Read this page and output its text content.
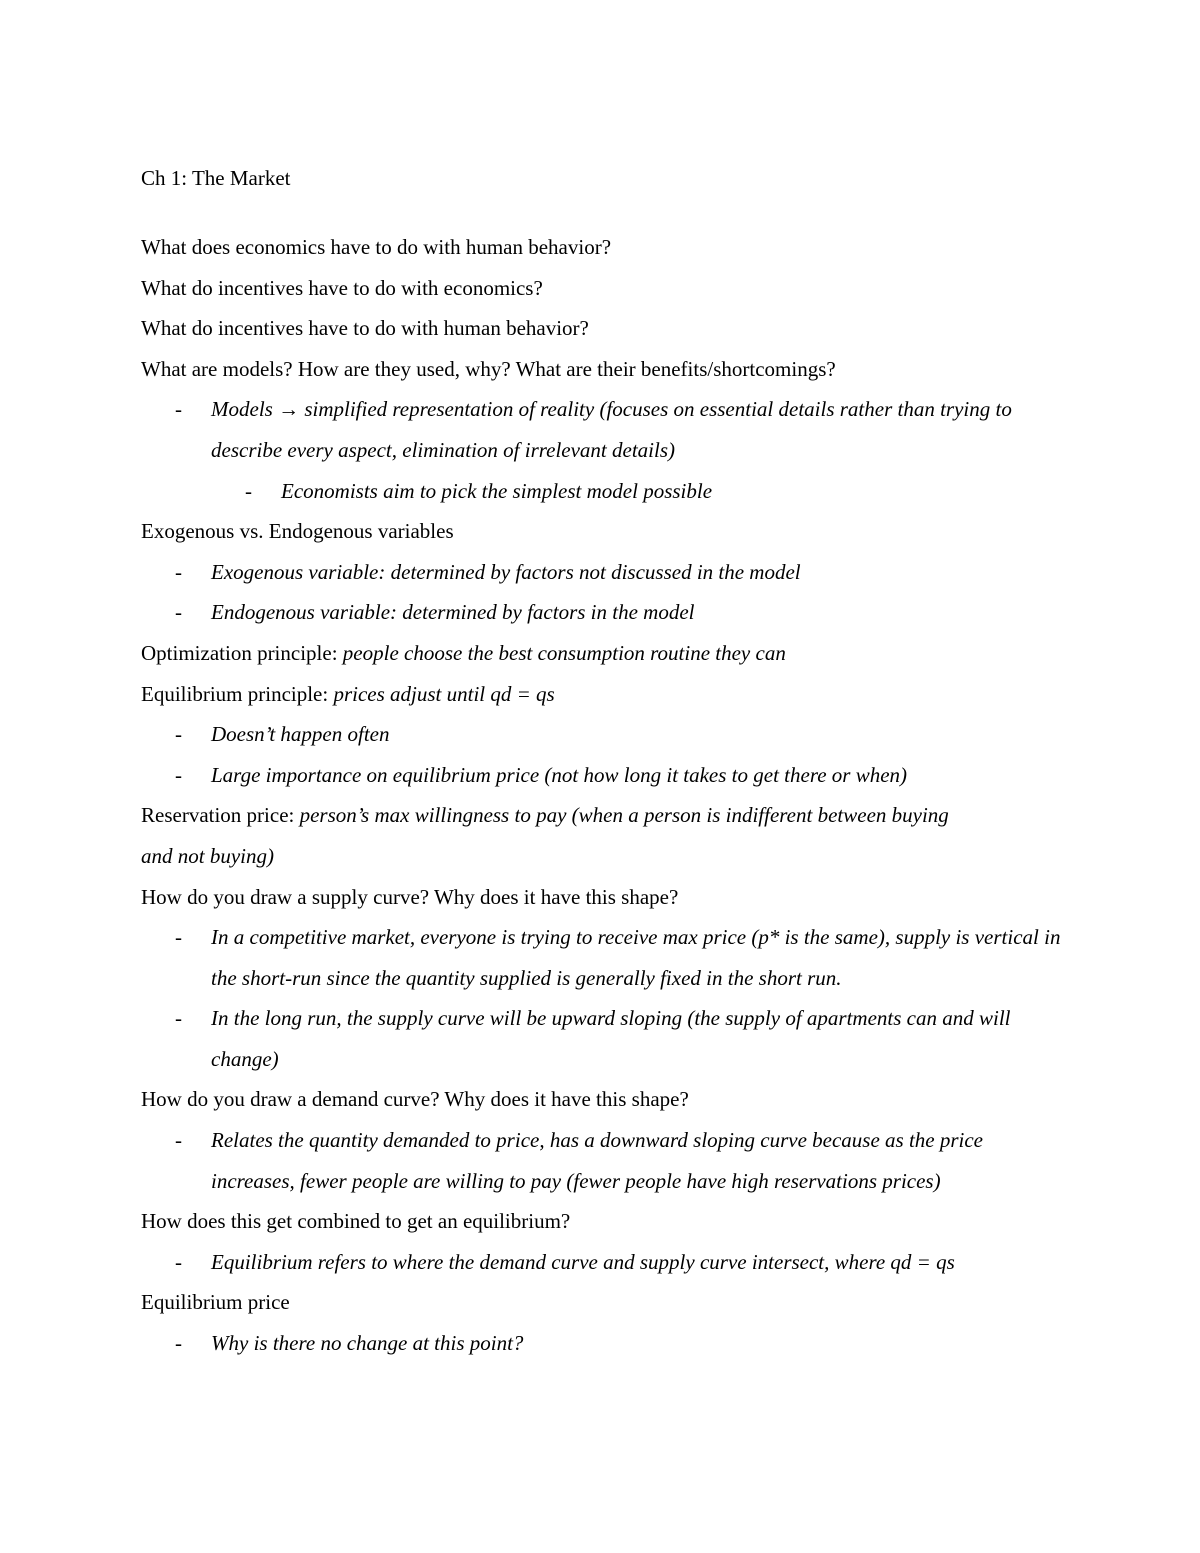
Ch 1: The Market

What does economics have to do with human behavior?

What do incentives have to do with economics?

What do incentives have to do with human behavior?

What are models? How are they used, why? What are their benefits/shortcomings?

- Models → simplified representation of reality (focuses on essential details rather than trying to describe every aspect, elimination of irrelevant details)
- Economists aim to pick the simplest model possible

Exogenous vs. Endogenous variables

- Exogenous variable: determined by factors not discussed in the model
- Endogenous variable: determined by factors in the model

Optimization principle: people choose the best consumption routine they can

Equilibrium principle: prices adjust until qd = qs

- Doesn’t happen often
- Large importance on equilibrium price (not how long it takes to get there or when)

Reservation price: person’s max willingness to pay (when a person is indifferent between buying

and not buying)

How do you draw a supply curve? Why does it have this shape?

- In a competitive market, everyone is trying to receive max price (p* is the same), supply is vertical in the short-run since the quantity supplied is generally fixed in the short run.
- In the long run, the supply curve will be upward sloping (the supply of apartments can and will change)

How do you draw a demand curve? Why does it have this shape?

- Relates the quantity demanded to price, has a downward sloping curve because as the price increases, fewer people are willing to pay (fewer people have high reservations prices)

How does this get combined to get an equilibrium?

- Equilibrium refers to where the demand curve and supply curve intersect, where qd = qs

Equilibrium price

- Why is there no change at this point?
